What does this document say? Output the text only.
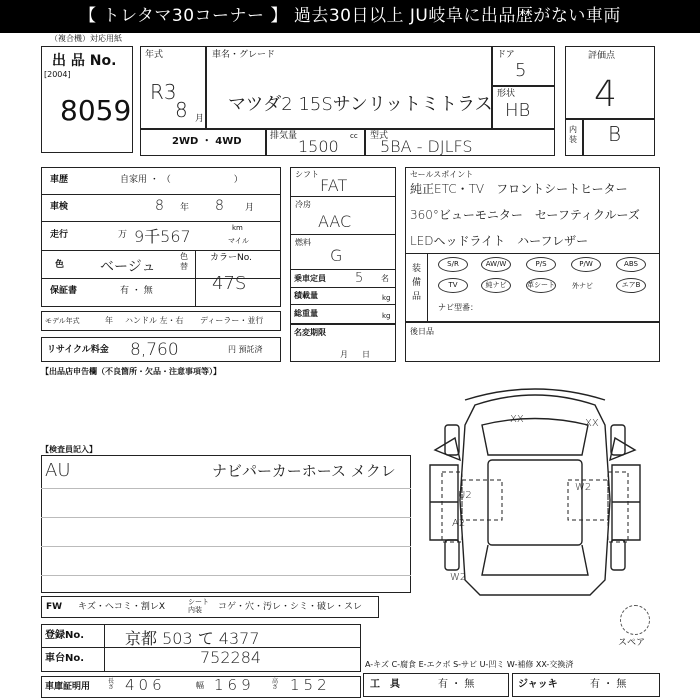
【 トレタマ30コーナー 】 過去30日以上 JU岐阜に出品歴がない車両
（複合機）対応用紙
出 品 No.
[2004]
8059
年式
R3
8 月
車名・グレード
マツダ2 15Sサンリットミトラス
ドア
5
形状
HB
2WD ・ 4WD	排気量	cc
1500
型式
5BA - DJLFS
評価点
4
内装 B
車歴	自家用 ・ （　　　　　　　）
車検	8 年 8 月
走行	万 9千567	km
マイル
色	ベージュ
色替
カラーNo.
47S
保証書	有 ・ 無
モデル年式	年 ハンドル 左・右 ディーラー・並行
リサイクル料金 8,760	円 預託済
シフト
FAT
冷房
AAC
燃料
G
乗車定員 5 名
積載量	kg
総重量	kg
名変期限
月日
セールスポイント
純正ETC・TV　フロントシートヒーター
360°ビューモニター　セーフティクルーズ
LEDヘッドライト　ハーフレザー
装備品
S/R	AW/W	P/S	P/W	ABS
TV	純ナビ	革シート 外ナビ	エアB
ナビ型番：
後日品
【出品店申告欄（不良箇所・欠品・注意事項等）】
【検査員記入】
AU	ナビパーカーホース メクレ
FW キズ・ヘコミ・割レX	シート内装	コゲ・穴・汚レ・シミ・破レ・スレ
登録No.	京都 503 て 4377
車台No.	752284
車庫証明用
長さ 406	幅 169	高さ 152
A-キズ C-腐食 E-エクボ S-サビ U-凹ミ W-補修 XX-交換済
工具	有 ・ 無	ジャッキ	有 ・ 無
XX	XX
W2
U2
A2
W2
スペア
